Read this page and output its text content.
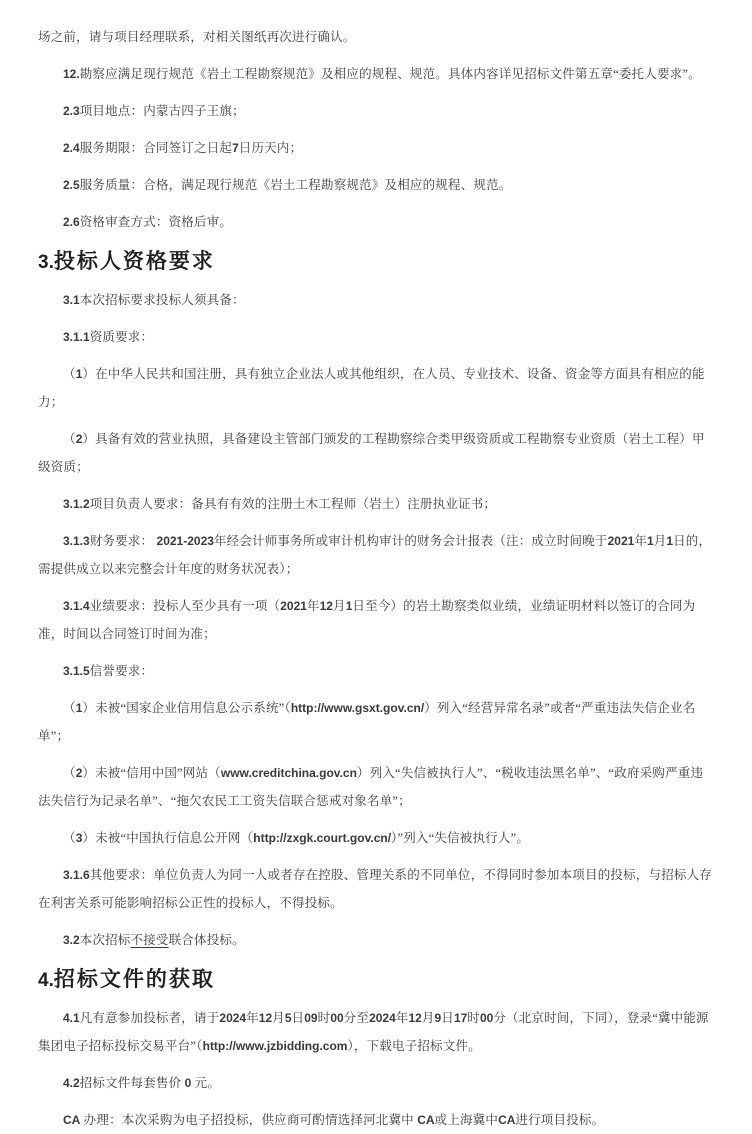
场之前，请与项目经理联系，对相关图纸再次进行确认。

12.勘察应满足现行规范《岩土工程勘察规范》及相应的规程、规范。具体内容详见招标文件第五章“委托人要求”。

2.3项目地点：内蒙古四子王旗；

2.4服务期限：合同签订之日起7日历天内；

2.5服务质量：合格，满足现行规范《岩土工程勘察规范》及相应的规程、规范。

2.6资格审查方式：资格后审。

3.投标人资格要求

3.1本次招标要求投标人须具备：

3.1.1资质要求：

（1）在中华人民共和国注册，具有独立企业法人或其他组织，在人员、专业技术、设备、资金等方面具有相应的能力；

（2）具备有效的营业执照，具备建设主管部门颁发的工程勘察综合类甲级资质或工程勘察专业资质（岩土工程）甲级资质；

3.1.2项目负责人要求：备具有有效的注册土木工程师（岩土）注册执业证书；

3.1.3财务要求： 2021-2023年经会计师事务所或审计机构审计的财务会计报表（注：成立时间晚于2021年1月1日的，需提供成立以来完整会计年度的财务状况表）；

3.1.4业绩要求：投标人至少具有一项（2021年12月1日至今）的岩土勘察类似业绩，业绩证明材料以签订的合同为准，时间以合同签订时间为准；

3.1.5信誉要求：

（1）未被“国家企业信用信息公示系统”（http://www.gsxt.gov.cn/）列入“经营异常名录”或者“严重违法失信企业名单”；

（2）未被“信用中国”网站（www.creditchina.gov.cn）列入“失信被执行人”、“税收违法黑名单”、“政府采购严重违法失信行为记录名单”、“拖欠农民工工资失信联合惩戒对象名单”；

（3）未被“中国执行信息公开网（http://zxgk.court.gov.cn/）”列入“失信被执行人”。

3.1.6其他要求：单位负责人为同一人或者存在控股、管理关系的不同单位，不得同时参加本项目的投标，与招标人存在利害关系可能影响招标公正性的投标人，不得投标。

3.2本次招标不接受联合体投标。

4.招标文件的获取

4.1凡有意参加投标者，请于2024年12月5日09时00分至2024年12月9日17时00分（北京时间，下同），登录“冀中能源集团电子招标投标交易平台”（http://www.jzbidding.com），下载电子招标文件。

4.2招标文件每套售价 0 元。

CA 办理：本次采购为电子招投标，供应商可酌情选择河北冀中 CA或上海冀中CA进行项目投标。
